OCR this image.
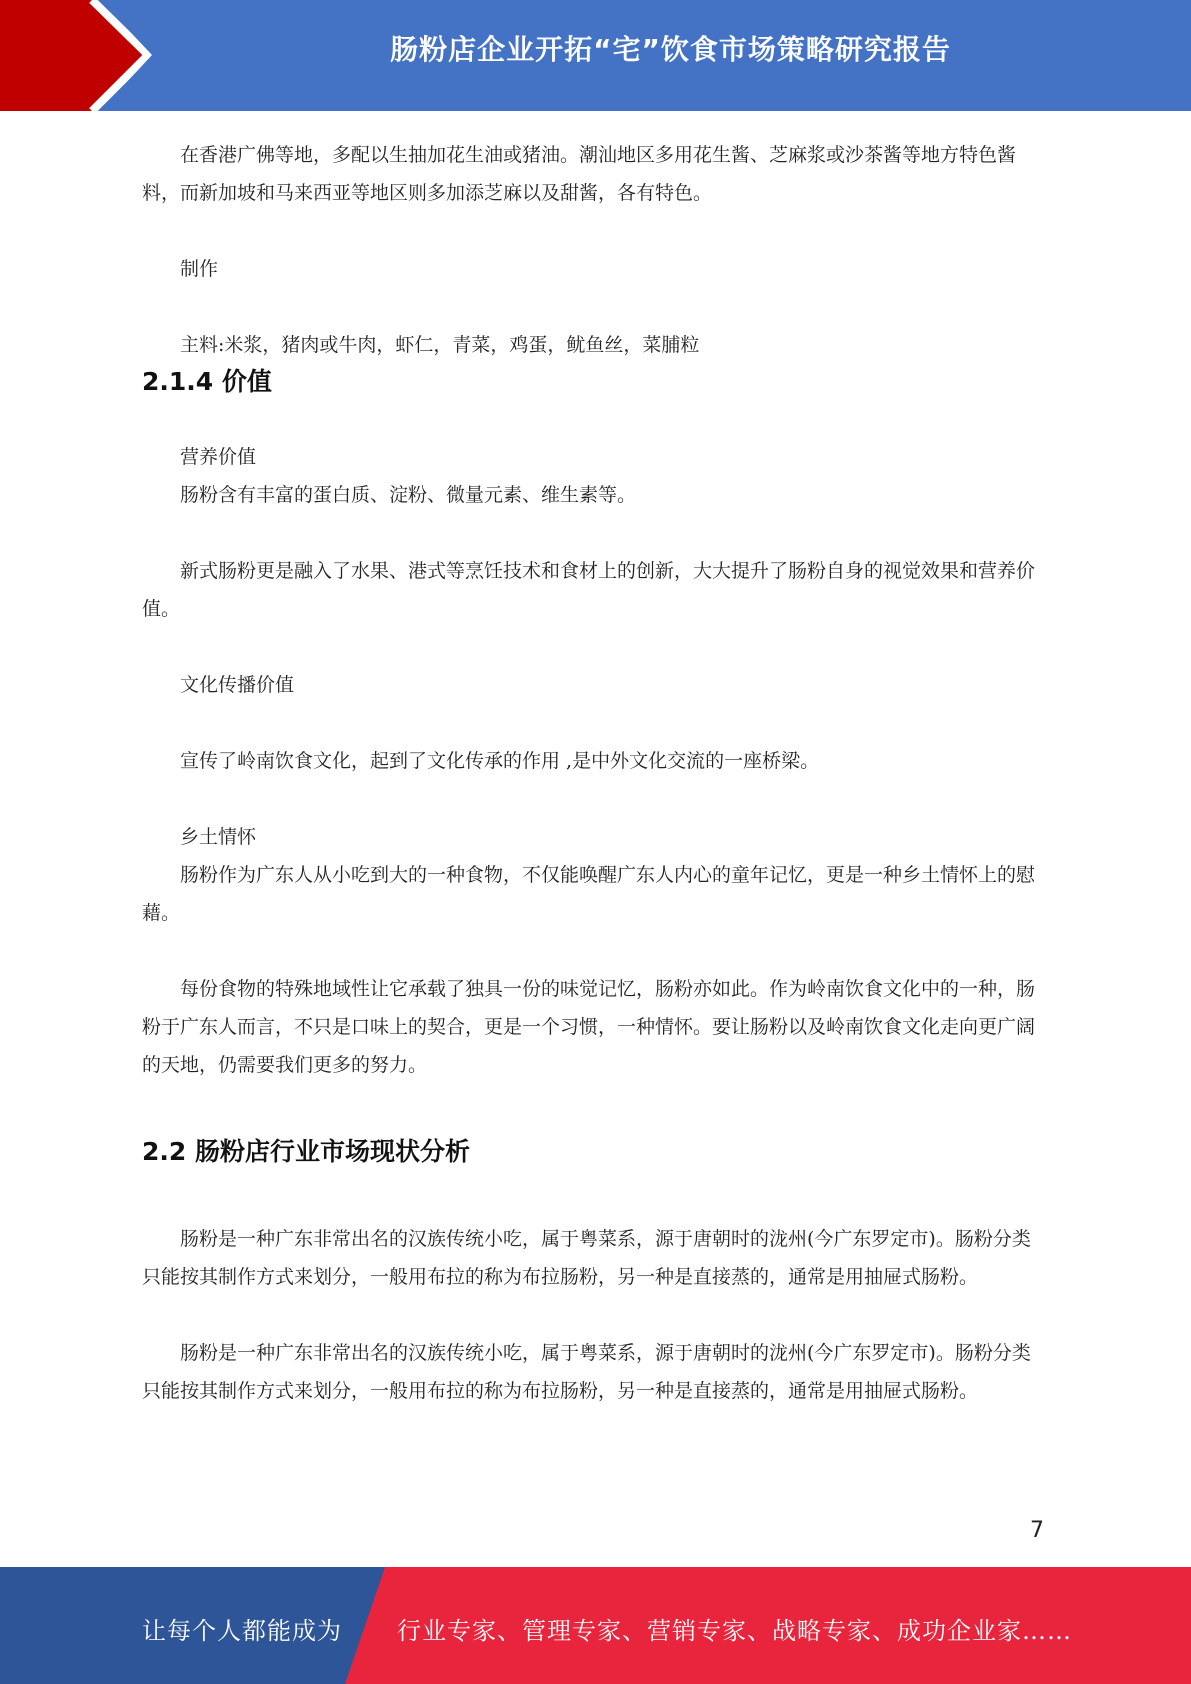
肠粉店企业开拓“宅”饮食市场策略研究报告

在香港广佛等地，多配以生抽加花生油或猪油。潮汕地区多用花生酱、芝麻浆或沙茶酱等地方特色酱料，而新加坡和马来西亚等地区则多加添芝麻以及甜酱，各有特色。

制作

主料:米浆，猪肉或牛肉，虾仁，青菜，鸡蛋，鱿鱼丝，菜脯粒

2.1.4 价值

营养价值

肠粉含有丰富的蛋白质、淀粉、微量元素、维生素等。

新式肠粉更是融入了水果、港式等烹饪技术和食材上的创新，大大提升了肠粉自身的视觉效果和营养价值。

文化传播价值

宣传了岭南饮食文化，起到了文化传承的作用 ,是中外文化交流的一座桥梁。

乡土情怀

肠粉作为广东人从小吃到大的一种食物，不仅能唤醒广东人内心的童年记忆，更是一种乡土情怀上的慰藉。

每份食物的特殊地域性让它承载了独具一份的味觉记忆，肠粉亦如此。作为岭南饮食文化中的一种，肠粉于广东人而言，不只是口味上的契合，更是一个习惯，一种情怀。要让肠粉以及岭南饮食文化走向更广阔的天地，仍需要我们更多的努力。

2.2 肠粉店行业市场现状分析

肠粉是一种广东非常出名的汉族传统小吃，属于粤菜系，源于唐朝时的泷州(今广东罗定市)。肠粉分类只能按其制作方式来划分，一般用布拉的称为布拉肠粉，另一种是直接蒸的，通常是用抽屉式肠粉。

肠粉是一种广东非常出名的汉族传统小吃，属于粤菜系，源于唐朝时的泷州(今广东罗定市)。肠粉分类只能按其制作方式来划分，一般用布拉的称为布拉肠粉，另一种是直接蒸的，通常是用抽屉式肠粉。

7
让每个人都能成为 行业专家、管理专家、营销专家、战略专家、成功企业家……
